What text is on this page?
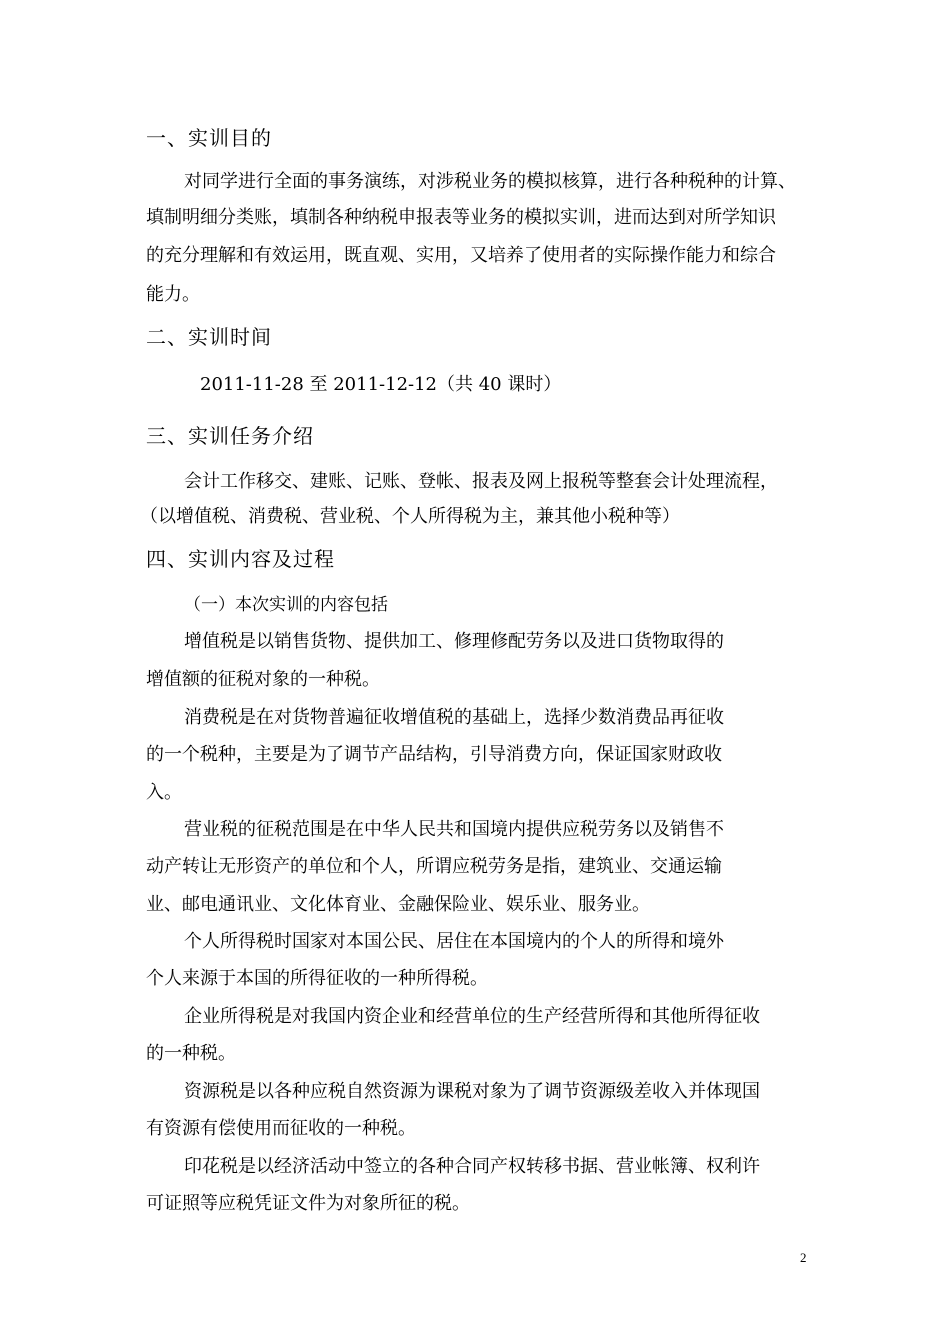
一、实训目的
对同学进行全面的事务演练，对涉税业务的模拟核算，进行各种税种的计算、
填制明细分类账，填制各种纳税申报表等业务的模拟实训，进而达到对所学知识
的充分理解和有效运用，既直观、实用，又培养了使用者的实际操作能力和综合
能力。
二、实训时间
2011-11-28 至 2011-12-12（共 40 课时）
三、实训任务介绍
会计工作移交、建账、记账、登帐、报表及网上报税等整套会计处理流程，
（以增值税、消费税、营业税、个人所得税为主，兼其他小税种等）
四、实训内容及过程
（一）本次实训的内容包括
增值税是以销售货物、提供加工、修理修配劳务以及进口货物取得的
增值额的征税对象的一种税。
消费税是在对货物普遍征收增值税的基础上，选择少数消费品再征收
的一个税种，主要是为了调节产品结构，引导消费方向，保证国家财政收
入。
营业税的征税范围是在中华人民共和国境内提供应税劳务以及销售不
动产转让无形资产的单位和个人，所谓应税劳务是指，建筑业、交通运输
业、邮电通讯业、文化体育业、金融保险业、娱乐业、服务业。
个人所得税时国家对本国公民、居住在本国境内的个人的所得和境外
个人来源于本国的所得征收的一种所得税。
企业所得税是对我国内资企业和经营单位的生产经营所得和其他所得征收
的一种税。
资源税是以各种应税自然资源为课税对象为了调节资源级差收入并体现国
有资源有偿使用而征收的一种税。
印花税是以经济活动中签立的各种合同产权转移书据、营业帐簿、权利许
可证照等应税凭证文件为对象所征的税。
2
